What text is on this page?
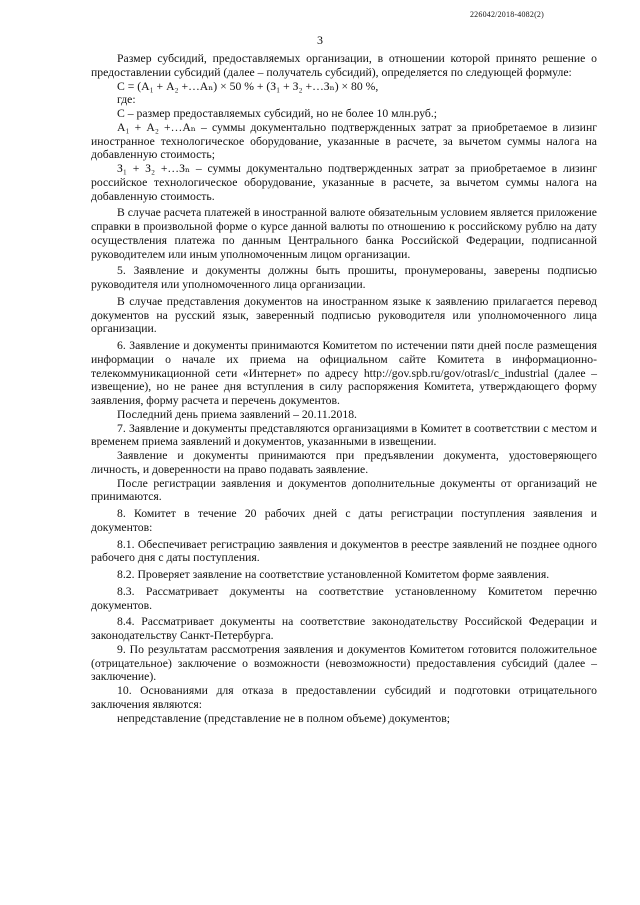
226042/2018-4082(2)
3

Размер субсидий, предоставляемых организации, в отношении которой принято решение о предоставлении субсидий (далее – получатель субсидий), определяется по следующей формуле:

С = (А₁ + А₂ +…Аₙ) × 50 % + (З₁ + З₂ +…Зₙ) × 80 %,

где:

С – размер предоставляемых субсидий, но не более 10 млн.руб.;

А₁ + А₂ +…Аₙ – суммы документально подтвержденных затрат за приобретаемое в лизинг иностранное технологическое оборудование, указанные в расчете, за вычетом суммы налога на добавленную стоимость;

З₁ + З₂ +…Зₙ – суммы документально подтвержденных затрат за приобретаемое в лизинг российское технологическое оборудование, указанные в расчете, за вычетом суммы налога на добавленную стоимость.

В случае расчета платежей в иностранной валюте обязательным условием является приложение справки в произвольной форме о курсе данной валюты по отношению к российскому рублю на дату осуществления платежа по данным Центрального банка Российской Федерации, подписанной руководителем или иным уполномоченным лицом организации.

5. Заявление и документы должны быть прошиты, пронумерованы, заверены подписью руководителя или уполномоченного лица организации.

В случае представления документов на иностранном языке к заявлению прилагается перевод документов на русский язык, заверенный подписью руководителя или уполномоченного лица организации.

6. Заявление и документы принимаются Комитетом по истечении пяти дней после размещения информации о начале их приема на официальном сайте Комитета в информационно-телекоммуникационной сети «Интернет» по адресу http://gov.spb.ru/gov/otrasl/c_industrial (далее – извещение), но не ранее дня вступления в силу распоряжения Комитета, утверждающего форму заявления, форму расчета и перечень документов.

Последний день приема заявлений – 20.11.2018.

7. Заявление и документы представляются организациями в Комитет в соответствии с местом и временем приема заявлений и документов, указанными в извещении.

Заявление и документы принимаются при предъявлении документа, удостоверяющего личность, и доверенности на право подавать заявление.

После регистрации заявления и документов дополнительные документы от организаций не принимаются.

8. Комитет в течение 20 рабочих дней с даты регистрации поступления заявления и документов:

8.1. Обеспечивает регистрацию заявления и документов в реестре заявлений не позднее одного рабочего дня с даты поступления.

8.2. Проверяет заявление на соответствие установленной Комитетом форме заявления.

8.3. Рассматривает документы на соответствие установленному Комитетом перечню документов.

8.4. Рассматривает документы на соответствие законодательству Российской Федерации и законодательству Санкт-Петербурга.

9. По результатам рассмотрения заявления и документов Комитетом готовится положительное (отрицательное) заключение о возможности (невозможности) предоставления субсидий (далее – заключение).

10. Основаниями для отказа в предоставлении субсидий и подготовки отрицательного заключения являются:

непредставление (представление не в полном объеме) документов;
